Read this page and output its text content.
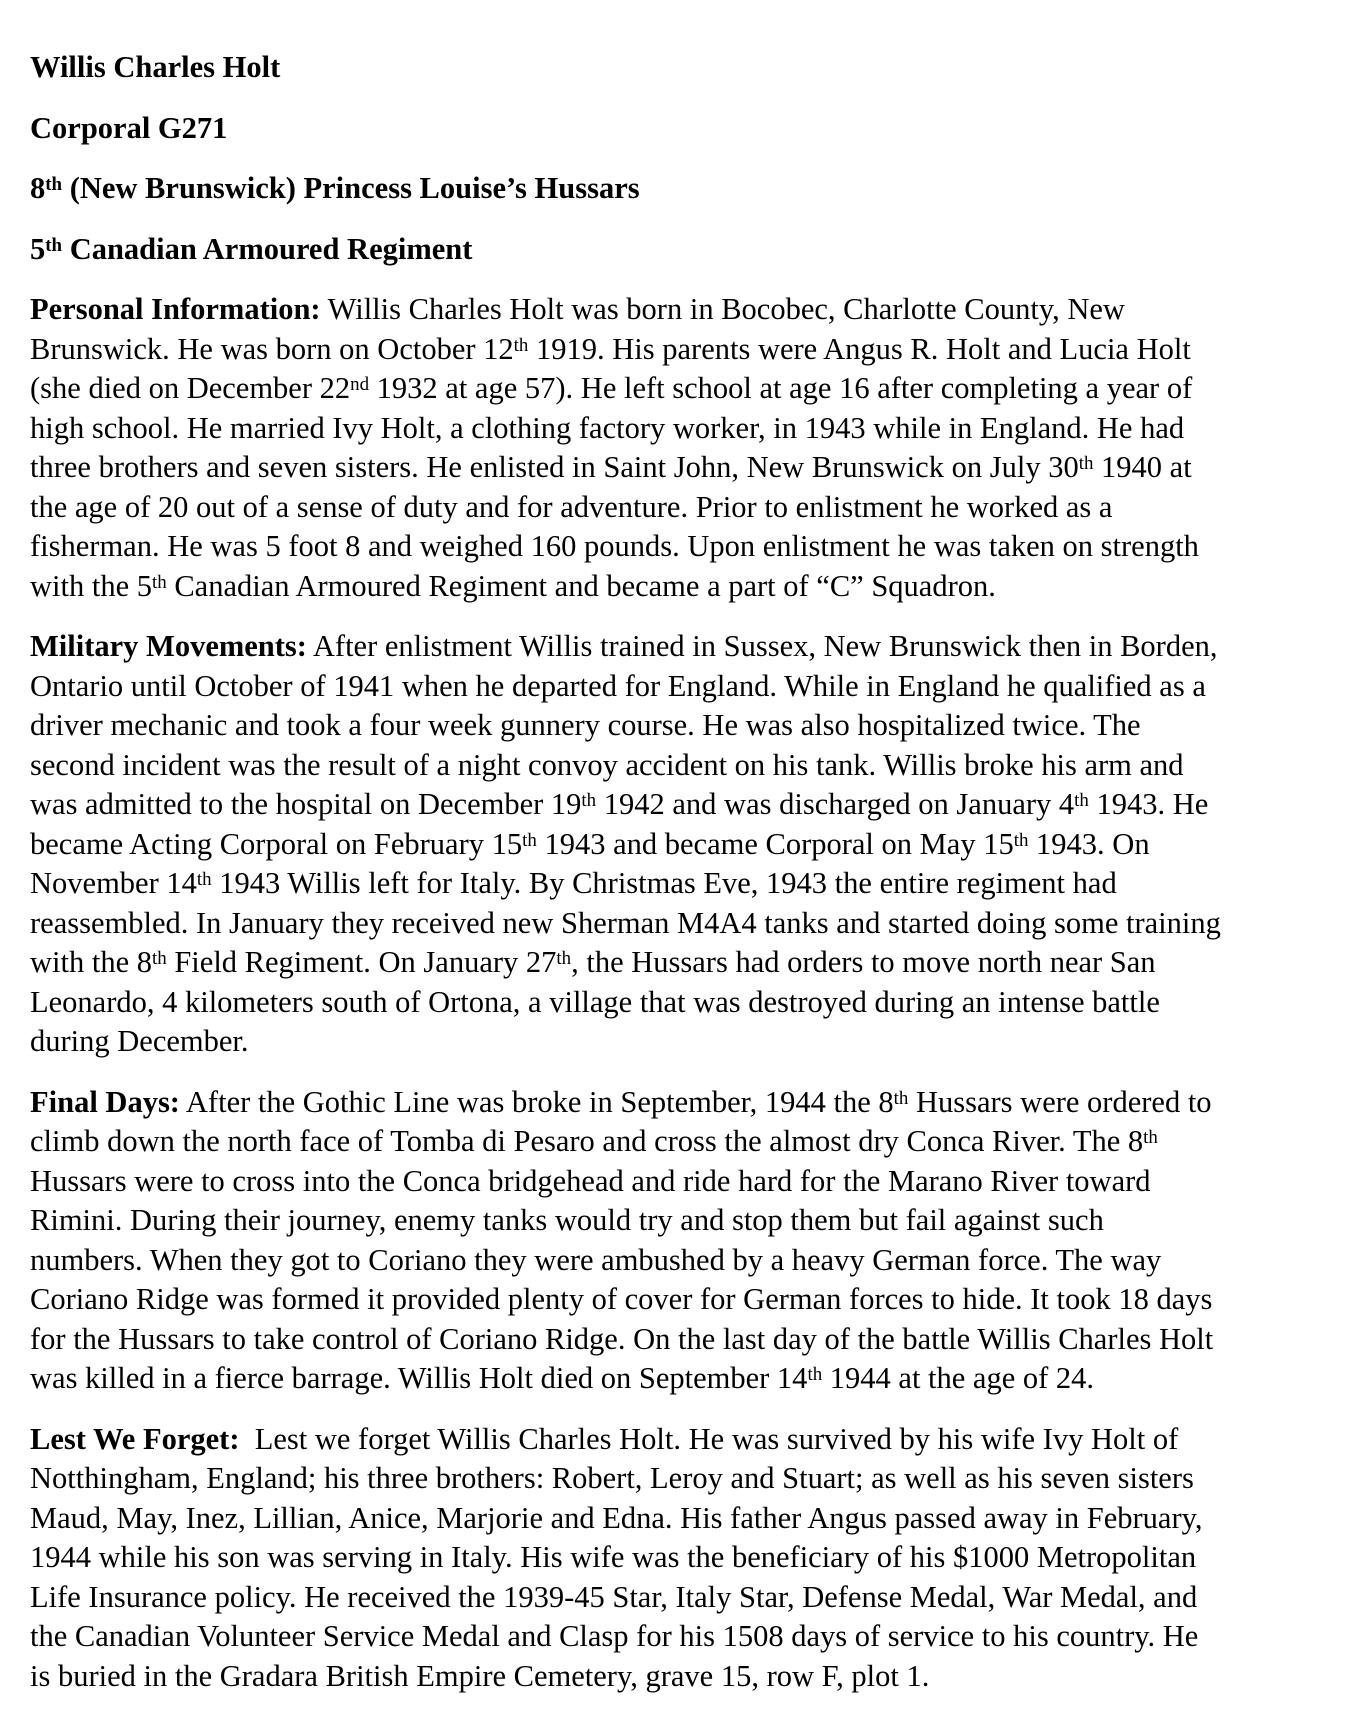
Willis Charles Holt
Corporal G271
8th (New Brunswick) Princess Louise’s Hussars
5th Canadian Armoured Regiment
Personal Information: Willis Charles Holt was born in Bocobec, Charlotte County, New Brunswick. He was born on October 12th 1919. His parents were Angus R. Holt and Lucia Holt (she died on December 22nd 1932 at age 57). He left school at age 16 after completing a year of high school. He married Ivy Holt, a clothing factory worker, in 1943 while in England. He had three brothers and seven sisters. He enlisted in Saint John, New Brunswick on July 30th 1940 at the age of 20 out of a sense of duty and for adventure. Prior to enlistment he worked as a fisherman. He was 5 foot 8 and weighed 160 pounds. Upon enlistment he was taken on strength with the 5th Canadian Armoured Regiment and became a part of “C” Squadron.
Military Movements: After enlistment Willis trained in Sussex, New Brunswick then in Borden, Ontario until October of 1941 when he departed for England. While in England he qualified as a driver mechanic and took a four week gunnery course. He was also hospitalized twice. The second incident was the result of a night convoy accident on his tank. Willis broke his arm and was admitted to the hospital on December 19th 1942 and was discharged on January 4th 1943. He became Acting Corporal on February 15th 1943 and became Corporal on May 15th 1943. On November 14th 1943 Willis left for Italy. By Christmas Eve, 1943 the entire regiment had reassembled. In January they received new Sherman M4A4 tanks and started doing some training with the 8th Field Regiment. On January 27th, the Hussars had orders to move north near San Leonardo, 4 kilometers south of Ortona, a village that was destroyed during an intense battle during December.
Final Days: After the Gothic Line was broke in September, 1944 the 8th Hussars were ordered to climb down the north face of Tomba di Pesaro and cross the almost dry Conca River. The 8th Hussars were to cross into the Conca bridgehead and ride hard for the Marano River toward Rimini. During their journey, enemy tanks would try and stop them but fail against such numbers. When they got to Coriano they were ambushed by a heavy German force. The way Coriano Ridge was formed it provided plenty of cover for German forces to hide. It took 18 days for the Hussars to take control of Coriano Ridge. On the last day of the battle Willis Charles Holt was killed in a fierce barrage. Willis Holt died on September 14th 1944 at the age of 24.
Lest We Forget:  Lest we forget Willis Charles Holt. He was survived by his wife Ivy Holt of Notthingham, England; his three brothers: Robert, Leroy and Stuart; as well as his seven sisters Maud, May, Inez, Lillian, Anice, Marjorie and Edna. His father Angus passed away in February, 1944 while his son was serving in Italy. His wife was the beneficiary of his $1000 Metropolitan Life Insurance policy. He received the 1939-45 Star, Italy Star, Defense Medal, War Medal, and the Canadian Volunteer Service Medal and Clasp for his 1508 days of service to his country. He is buried in the Gradara British Empire Cemetery, grave 15, row F, plot 1.
